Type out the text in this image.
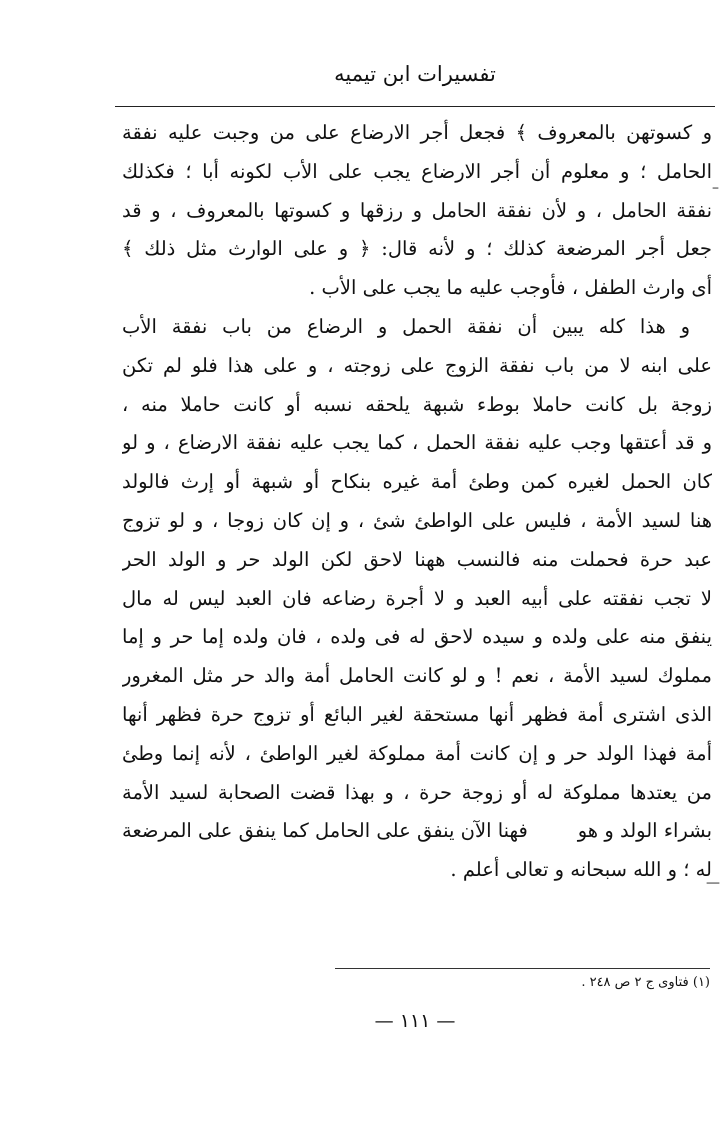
تفسيرات ابن تيميه
و كسوتهن بالمعروف ﴾ فجعل أجر الارضاع على من وجبت عليه نفقة
الحامل ؛ و معلوم أن أجر الارضاع يجب على الأب لكونه أبا ؛ فكذلك
نفقة الحامل ، و لأن نفقة الحامل و رزقها و كسوتها بالمعروف ، و قد
جعل أجر المرضعة كذلك ؛ و لأنه قال: ﴿ و على الوارث مثل ذلك ﴾
أى وارث الطفل ، فأوجب عليه ما يجب على الأب .
و هذا كله يبين أن نفقة الحمل و الرضاع من باب نفقة الأب
على ابنه لا من باب نفقة الزوج على زوجته ، و على هذا فلو لم تكن
زوجة بل كانت حاملا بوطء شبهة يلحقه نسبه أو كانت حاملا منه ،
و قد أعتقها وجب عليه نفقة الحمل ، كما يجب عليه نفقة الارضاع ، و لو
كان الحمل لغيره كمن وطئ أمة غيره بنكاح أو شبهة أو إرث فالولد
هنا لسيد الأمة ، فليس على الواطئ شئ ، و إن كان زوجا ، و لو تزوج
عبد حرة فحملت منه فالنسب ههنا لاحق لكن الولد حر و الولد الحر
لا تجب نفقته على أبيه العبد و لا أجرة رضاعه فان العبد ليس له مال
ينفق منه على ولده و سيده لاحق له فى ولده ، فان ولده إما حر و إما
مملوك لسيد الأمة ، نعم ! و لو كانت الحامل أمة والد حر مثل المغرور
الذى اشترى أمة فظهر أنها مستحقة لغير البائع أو تزوج حرة فظهر أنها
أمة فهذا الولد حر و إن كانت أمة مملوكة لغير الواطئ ، لأنه إنما وطئ
من يعتدها مملوكة له أو زوجة حرة ، و بهذا قضت الصحابة لسيد الأمة
بشراء الولد و هو        فهنا الآن ينفق على الحامل كما ينفق على المرضعة
له ؛ و الله سبحانه و تعالى أعلم .
–
—
(١) فتاوى ج ٢ ص ٢٤٨ .
— ١١١ —
